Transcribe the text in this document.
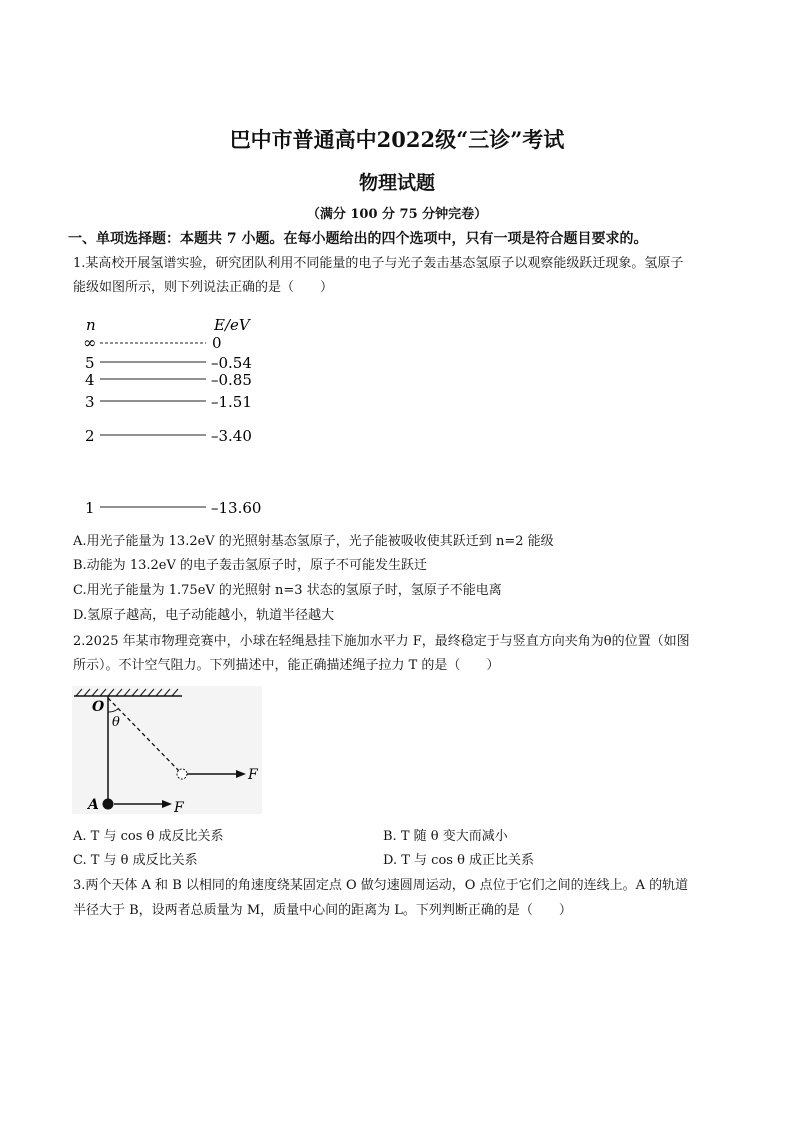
巴中市普通高中2022级“三诊”考试
物理试题
（满分 100 分 75 分钟完卷）
一、单项选择题：本题共 7 小题。在每小题给出的四个选项中，只有一项是符合题目要求的。
1.某高校开展氢谱实验，研究团队利用不同能量的电子与光子轰击基态氢原子以观察能级跃迁现象。氢原子
能级如图所示，则下列说法正确的是（　　）
n	E/eV
∞	0
5	–0.54
4	–0.85
3	–1.51
2	–3.40
1	–13.60
A.用光子能量为 13.2eV 的光照射基态氢原子，光子能被吸收使其跃迁到 n=2 能级
B.动能为 13.2eV 的电子轰击氢原子时，原子不可能发生跃迁
C.用光子能量为 1.75eV 的光照射 n=3 状态的氢原子时，氢原子不能电离
D.氢原子越高，电子动能越小，轨道半径越大
2.2025 年某市物理竞赛中，小球在轻绳悬挂下施加水平力 F，最终稳定于与竖直方向夹角为θ的位置（如图
所示）。不计空气阻力。下列描述中，能正确描述绳子拉力 T 的是（　　）
O
θ
A
F
F
A. T 与 cos θ 成反比关系	B. T 随 θ 变大而减小
C. T 与 θ 成反比关系	D. T 与 cos θ 成正比关系
3.两个天体 A 和 B 以相同的角速度绕某固定点 O 做匀速圆周运动，O 点位于它们之间的连线上。A 的轨道
半径大于 B，设两者总质量为 M，质量中心间的距离为 L。下列判断正确的是（　　）
